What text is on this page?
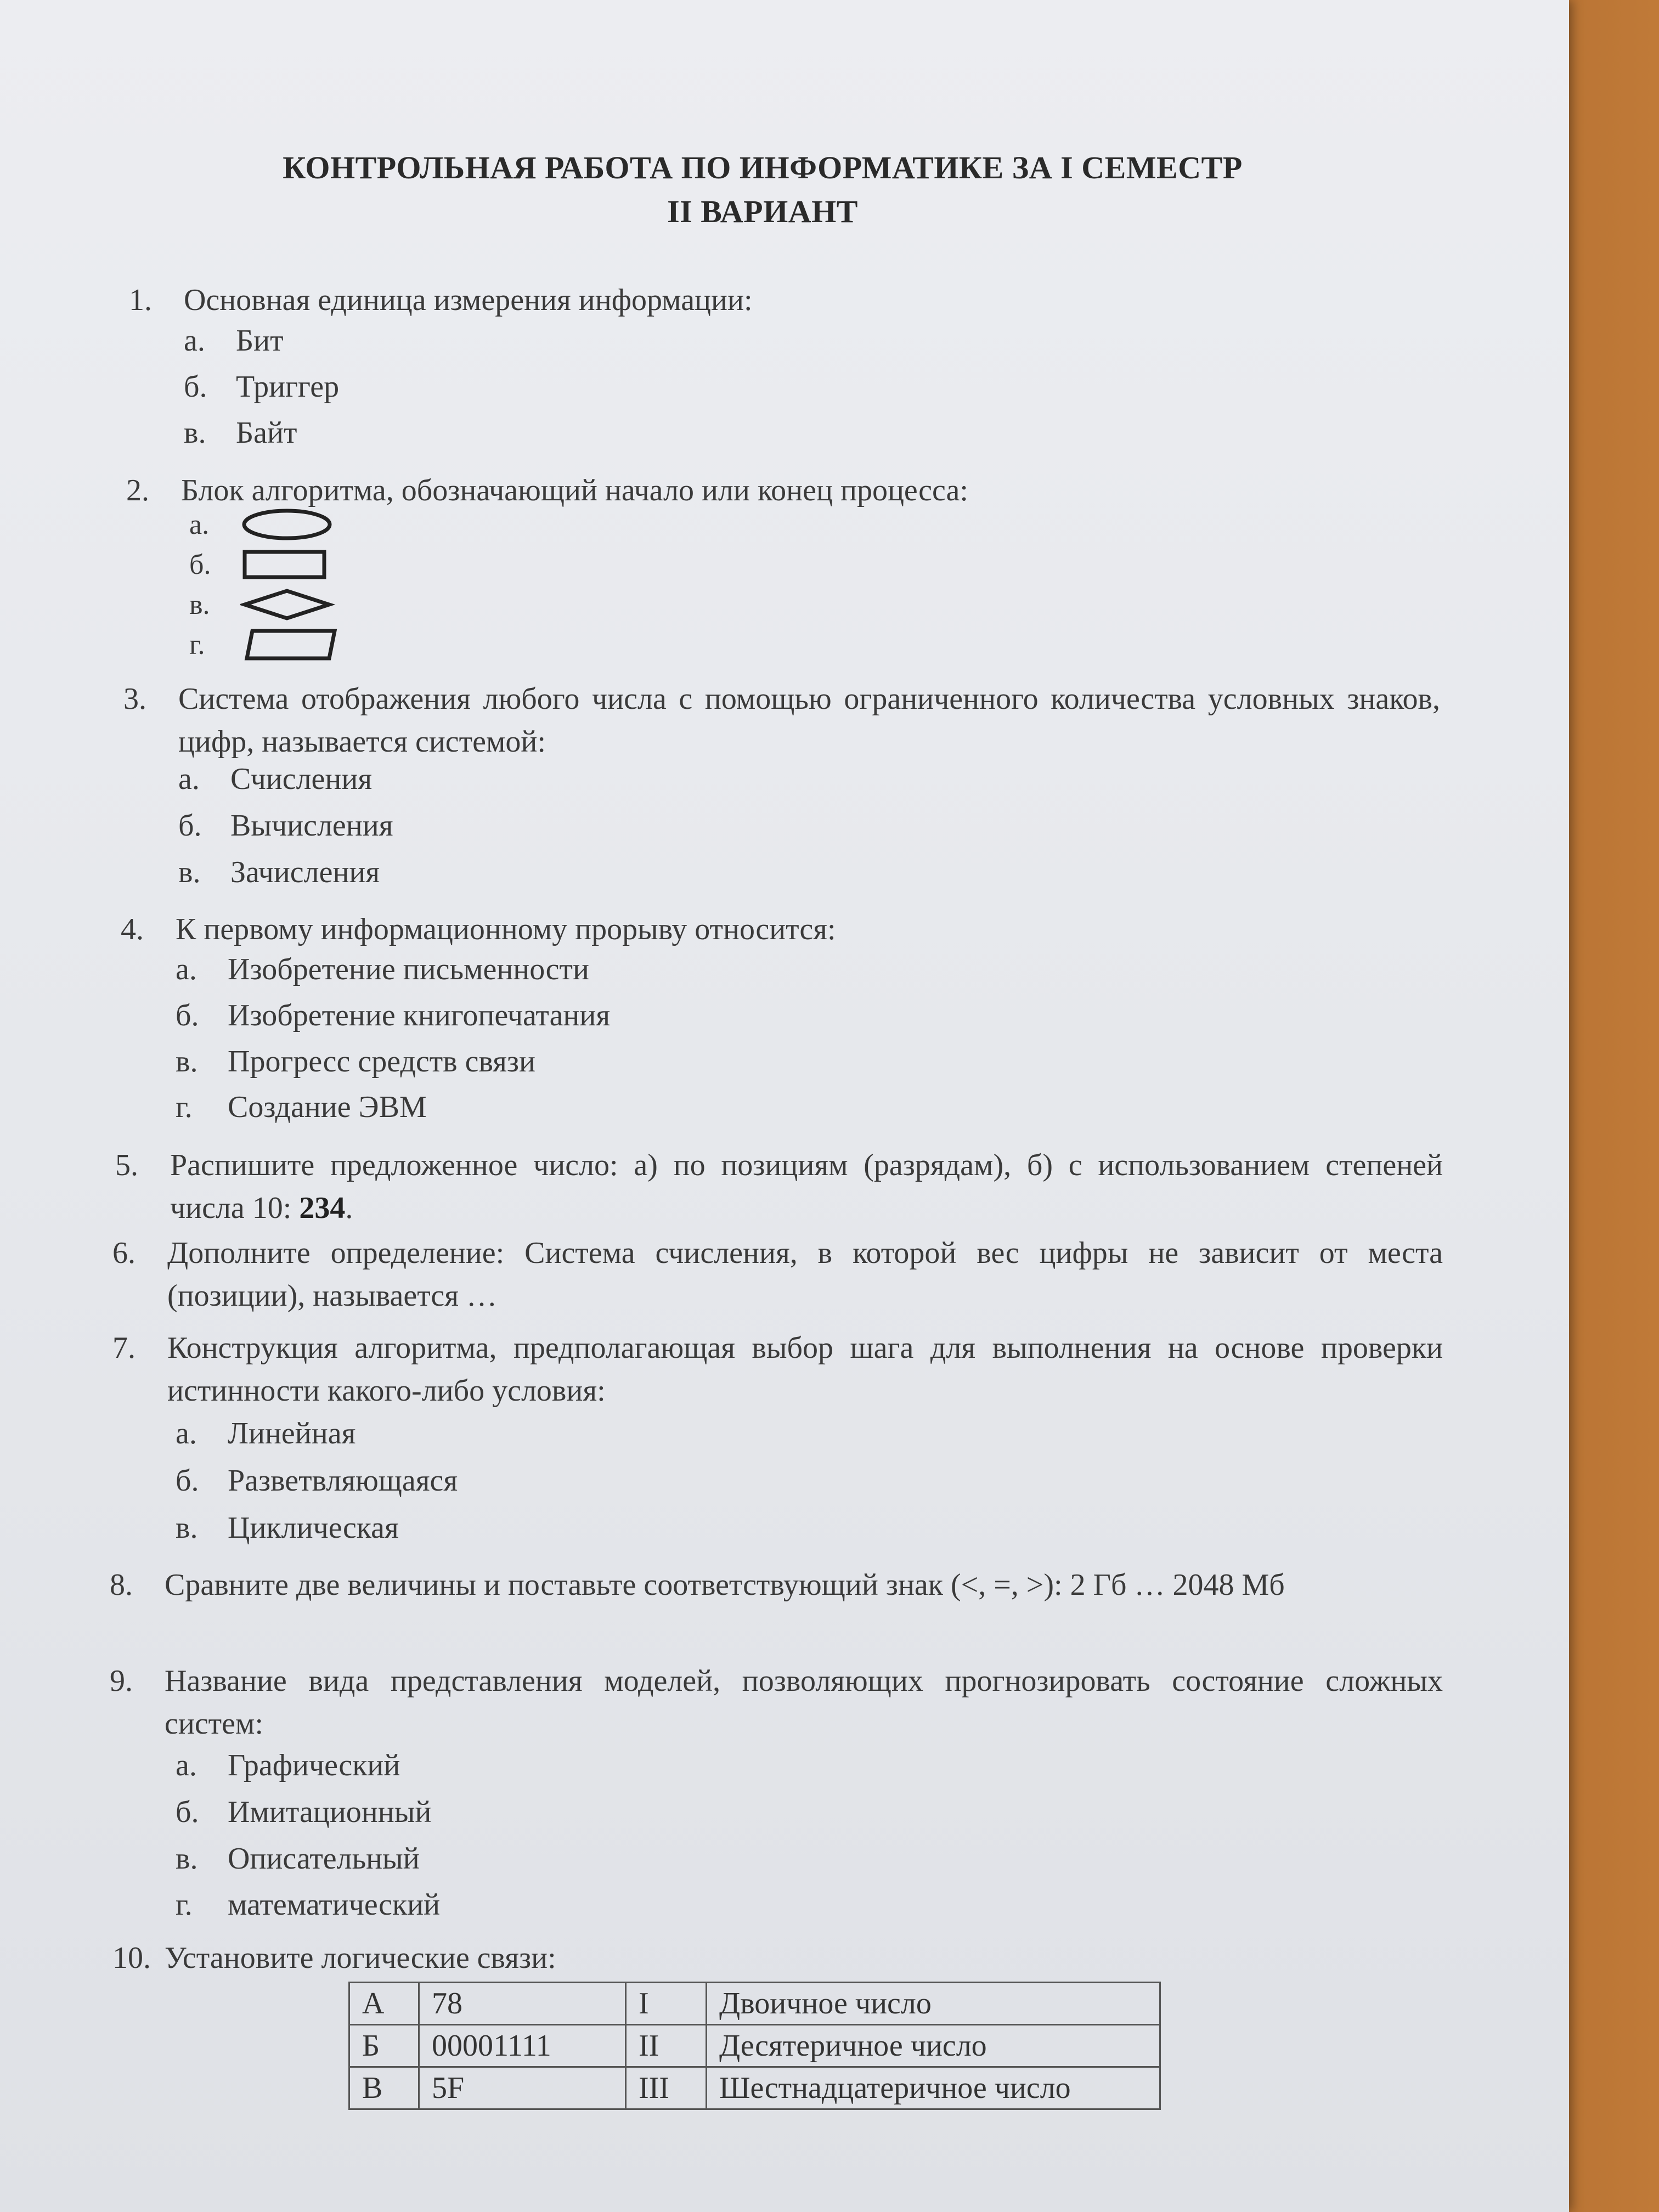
КОНТРОЛЬНАЯ РАБОТА ПО ИНФОРМАТИКЕ ЗА I СЕМЕСТР
II ВАРИАНТ
1. Основная единица измерения информации:
а. Бит
б. Триггер
в. Байт
2. Блок алгоритма, обозначающий начало или конец процесса:
а.
б.
в.
г.
3. Система отображения любого числа с помощью ограниченного количества условных знаков, цифр, называется системой:
а. Счисления
б. Вычисления
в. Зачисления
4. К первому информационному прорыву относится:
а. Изобретение письменности
б. Изобретение книгопечатания
в. Прогресс средств связи
г. Создание ЭВМ
5. Распишите предложенное число: а) по позициям (разрядам), б) с использованием степеней числа 10: 234.
6. Дополните определение: Система счисления, в которой вес цифры не зависит от места (позиции), называется …
7. Конструкция алгоритма, предполагающая выбор шага для выполнения на основе проверки истинности какого-либо условия:
а. Линейная
б. Разветвляющаяся
в. Циклическая
8. Сравните две величины и поставьте соответствующий знак (<, =, >): 2 Гб … 2048 Мб
9. Название вида представления моделей, позволяющих прогнозировать состояние сложных систем:
а. Графический
б. Имитационный
в. Описательный
г. математический
10. Установите логические связи:
А	78	I	Двоичное число
Б	00001111	II	Десятеричное число
В	5F	III	Шестнадцатеричное число
